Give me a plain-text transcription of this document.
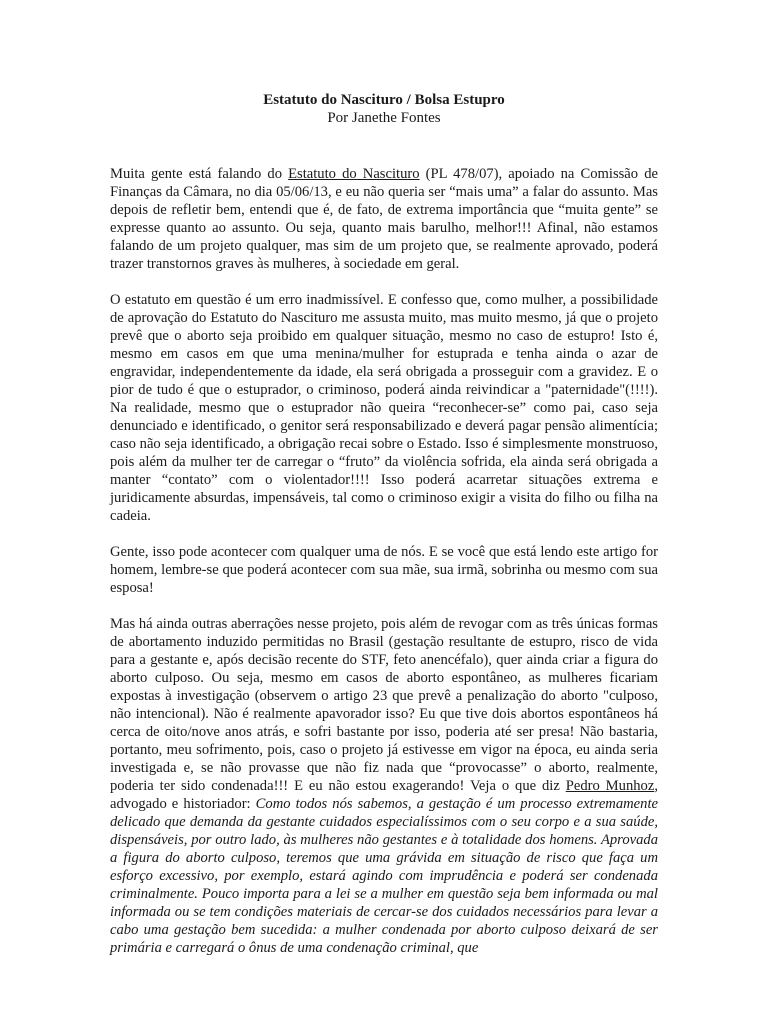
Estatuto do Nascituro / Bolsa Estupro

Por Janethe Fontes

Muita gente está falando do Estatuto do Nascituro (PL 478/07), apoiado na Comissão de Finanças da Câmara, no dia 05/06/13, e eu não queria ser “mais uma” a falar do assunto. Mas depois de refletir bem, entendi que é, de fato, de extrema importância que “muita gente” se expresse quanto ao assunto. Ou seja, quanto mais barulho, melhor!!! Afinal, não estamos falando de um projeto qualquer, mas sim de um projeto que, se realmente aprovado, poderá trazer transtornos graves às mulheres, à sociedade em geral.

O estatuto em questão é um erro inadmissível. E confesso que, como mulher, a possibilidade de aprovação do Estatuto do Nascituro me assusta muito, mas muito mesmo, já que o projeto prevê que o aborto seja proibido em qualquer situação, mesmo no caso de estupro! Isto é, mesmo em casos em que uma menina/mulher for estuprada e tenha ainda o azar de engravidar, independentemente da idade, ela será obrigada a prosseguir com a gravidez. E o pior de tudo é que o estuprador, o criminoso, poderá ainda reivindicar a "paternidade"(!!!!). Na realidade, mesmo que o estuprador não queira “reconhecer-se” como pai, caso seja denunciado e identificado, o genitor será responsabilizado e deverá pagar pensão alimentícia; caso não seja identificado, a obrigação recai sobre o Estado. Isso é simplesmente monstruoso, pois além da mulher ter de carregar o “fruto” da violência sofrida, ela ainda será obrigada a manter “contato” com o violentador!!!! Isso poderá acarretar situações extrema e juridicamente absurdas, impensáveis, tal como o criminoso exigir a visita do filho ou filha na cadeia.

Gente, isso pode acontecer com qualquer uma de nós. E se você que está lendo este artigo for homem, lembre-se que poderá acontecer com sua mãe, sua irmã, sobrinha ou mesmo com sua esposa!

Mas há ainda outras aberrações nesse projeto, pois além de revogar com as três únicas formas de abortamento induzido permitidas no Brasil (gestação resultante de estupro, risco de vida para a gestante e, após decisão recente do STF, feto anencéfalo), quer ainda criar a figura do aborto culposo. Ou seja, mesmo em casos de aborto espontâneo, as mulheres ficariam expostas à investigação (observem o artigo 23 que prevê a penalização do aborto "culposo, não intencional). Não é realmente apavorador isso? Eu que tive dois abortos espontâneos há cerca de oito/nove anos atrás, e sofri bastante por isso, poderia até ser presa! Não bastaria, portanto, meu sofrimento, pois, caso o projeto já estivesse em vigor na época, eu ainda seria investigada e, se não provasse que não fiz nada que “provocasse” o aborto, realmente, poderia ter sido condenada!!! E eu não estou exagerando! Veja o que diz Pedro Munhoz, advogado e historiador: Como todos nós sabemos, a gestação é um processo extremamente delicado que demanda da gestante cuidados especialíssimos com o seu corpo e a sua saúde, dispensáveis, por outro lado, às mulheres não gestantes e à totalidade dos homens. Aprovada a figura do aborto culposo, teremos que uma grávida em situação de risco que faça um esforço excessivo, por exemplo, estará agindo com imprudência e poderá ser condenada criminalmente. Pouco importa para a lei se a mulher em questão seja bem informada ou mal informada ou se tem condições materiais de cercar-se dos cuidados necessários para levar a cabo uma gestação bem sucedida: a mulher condenada por aborto culposo deixará de ser primária e carregará o ônus de uma condenação criminal, que
